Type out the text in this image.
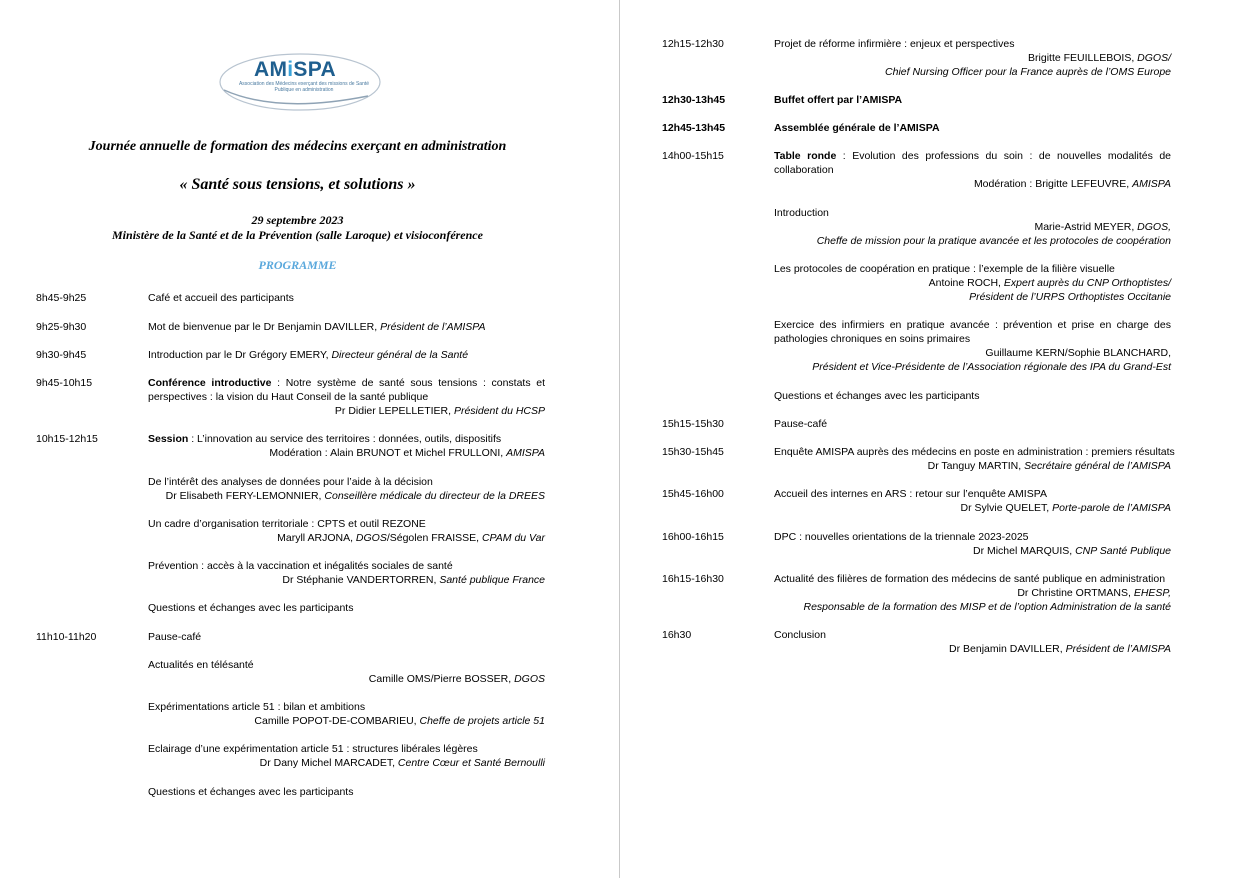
AMiSPA
Association des Médecins exerçant des missions de Santé Publique en administration
Journée annuelle de formation des médecins exerçant en administration
« Santé sous tensions, et solutions »
29 septembre 2023
Ministère de la Santé et de la Prévention (salle Laroque) et visioconférence
PROGRAMME
8h45-9h25	Café et accueil des participants
9h25-9h30	Mot de bienvenue par le Dr Benjamin DAVILLER, Président de l’AMISPA
9h30-9h45	Introduction par le Dr Grégory EMERY, Directeur général de la Santé
9h45-10h15	Conférence introductive : Notre système de santé sous tensions : constats et
perspectives : la vision du Haut Conseil de la santé publique
Pr Didier LEPELLETIER, Président du HCSP
10h15-12h15	Session : L’innovation au service des territoires : données, outils, dispositifs
Modération : Alain BRUNOT et Michel FRULLONI, AMISPA
De l’intérêt des analyses de données pour l’aide à la décision
Dr Elisabeth FERY-LEMONNIER, Conseillère médicale du directeur de la DREES
Un cadre d’organisation territoriale : CPTS et outil REZONE
Maryll ARJONA, DGOS/Ségolen FRAISSE, CPAM du Var
Prévention : accès à la vaccination et inégalités sociales de santé
Dr Stéphanie VANDERTORREN, Santé publique France
Questions et échanges avec les participants
11h10-11h20	Pause-café
Actualités en télésanté
Camille OMS/Pierre BOSSER, DGOS
Expérimentations article 51 : bilan et ambitions
Camille POPOT-DE-COMBARIEU, Cheffe de projets article 51
Eclairage d’une expérimentation article 51 : structures libérales légères
Dr Dany Michel MARCADET, Centre Cœur et Santé Bernoulli
Questions et échanges avec les participants
12h15-12h30	Projet de réforme infirmière : enjeux et perspectives
Brigitte FEUILLEBOIS, DGOS/
Chief Nursing Officer pour la France auprès de l’OMS Europe
12h30-13h45	Buffet offert par l’AMISPA
12h45-13h45	Assemblée générale de l’AMISPA
14h00-15h15	Table ronde : Evolution des professions du soin : de nouvelles modalités de
collaboration
Modération : Brigitte LEFEUVRE, AMISPA
Introduction
Marie-Astrid MEYER, DGOS,
Cheffe de mission pour la pratique avancée et les protocoles de coopération
Les protocoles de coopération en pratique : l’exemple de la filière visuelle
Antoine ROCH, Expert auprès du CNP Orthoptistes/
Président de l’URPS Orthoptistes Occitanie
Exercice des infirmiers en pratique avancée : prévention et prise en charge des
pathologies chroniques en soins primaires
Guillaume KERN/Sophie BLANCHARD,
Président et Vice-Présidente de l’Association régionale des IPA du Grand-Est
Questions et échanges avec les participants
15h15-15h30	Pause-café
15h30-15h45	Enquête AMISPA auprès des médecins en poste en administration : premiers résultats
Dr Tanguy MARTIN, Secrétaire général de l’AMISPA
15h45-16h00	Accueil des internes en ARS : retour sur l’enquête AMISPA
Dr Sylvie QUELET, Porte-parole de l’AMISPA
16h00-16h15	DPC : nouvelles orientations de la triennale 2023-2025
Dr Michel MARQUIS, CNP Santé Publique
16h15-16h30	Actualité des filières de formation des médecins de santé publique en administration
Dr Christine ORTMANS, EHESP,
Responsable de la formation des MISP et de l’option Administration de la santé
16h30	Conclusion
Dr Benjamin DAVILLER, Président de l’AMISPA
